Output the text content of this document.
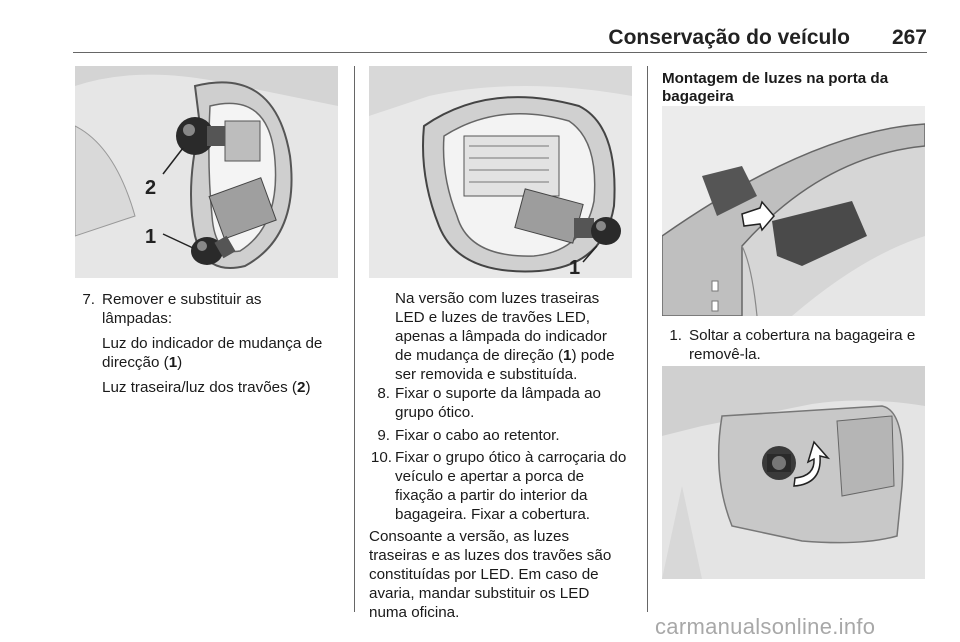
Conservação do veículo	267
2
1
7. Remover e substituir as
lâmpadas:
Luz do indicador de mudança de
direcção (1)
Luz traseira/luz dos travões (2)
1
Na versão com luzes traseiras
LED e luzes de travões LED,
apenas a lâmpada do indicador
de mudança de direção (1) pode
ser removida e substituída.
8. Fixar o suporte da lâmpada ao
grupo ótico.
9. Fixar o cabo ao retentor.
10. Fixar o grupo ótico à carroçaria do
veículo e apertar a porca de
fixação a partir do interior da
bagageira. Fixar a cobertura.
Consoante a versão, as luzes
traseiras e as luzes dos travões são
constituídas por LED. Em caso de
avaria, mandar substituir os LED
numa oficina.
Montagem de luzes na porta da
bagageira
1. Soltar a cobertura na bagageira e
removê-la.
carmanualsonline.info
